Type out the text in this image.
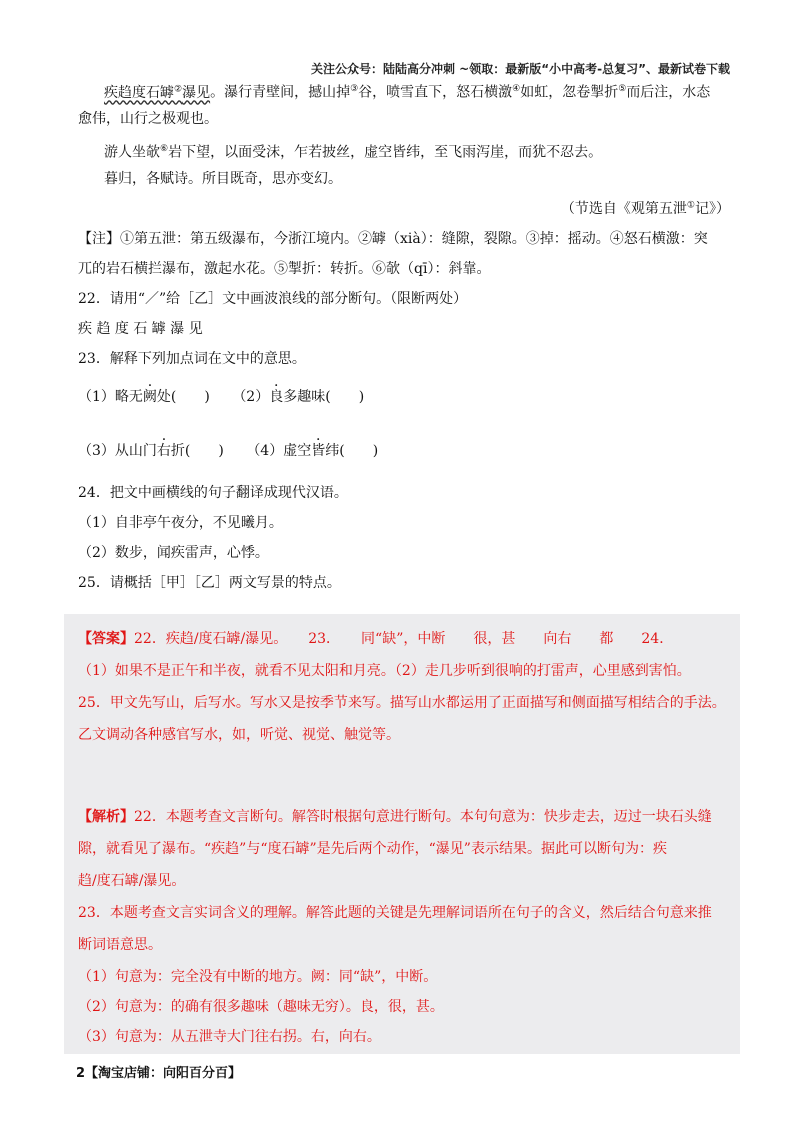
关注公众号：陆陆高分冲刺 ~领取：最新版“小中高考-总复习”、最新试卷下载
疾趋度石罅②瀑见。瀑行青壁间，撼山掉③谷，喷雪直下，怒石横激④如虹，忽卷掣折⑤而后注，水态
愈伟，山行之极观也。
游人坐欹⑥岩下望，以面受沫，乍若披丝，虚空皆纬，至飞雨泻崖，而犹不忍去。
暮归，各赋诗。所目既奇，思亦变幻。
（节选自《观第五泄①记》）
【注】①第五泄：第五级瀑布，今浙江境内。②罅（xià）：缝隙，裂隙。③掉：摇动。④怒石横激：突
兀的岩石横拦瀑布，激起水花。⑤掣折：转折。⑥欹（qī）：斜靠。
22．请用“／”给［乙］文中画波浪线的部分断句。（限断两处）
疾 趋 度 石 罅 瀑 见
23．解释下列加点词在文中的意思。
（1）略无阙处(　　) （2）良多趣味(　　)
（3）从山门右折(　　) （4）虚空皆纬(　　)
24．把文中画横线的句子翻译成现代汉语。
（1）自非亭午夜分，不见曦月。
（2）数步，闻疾雷声，心悸。
25．请概括［甲］［乙］两文写景的特点。
【答案】22．疾趋/度石罅/瀑见。　　23．　　同“缺”，中断　　很，甚　　向右　　都　　24．
（1）如果不是正午和半夜，就看不见太阳和月亮。（2）走几步听到很响的打雷声，心里感到害怕。
25．甲文先写山，后写水。写水又是按季节来写。描写山水都运用了正面描写和侧面描写相结合的手法。
乙文调动各种感官写水，如，听觉、视觉、触觉等。
【解析】22．本题考查文言断句。解答时根据句意进行断句。本句句意为：快步走去，迈过一块石头缝
隙，就看见了瀑布。“疾趋”与“度石罅”是先后两个动作，“瀑见”表示结果。据此可以断句为：疾
趋/度石罅/瀑见。
23．本题考查文言实词含义的理解。解答此题的关键是先理解词语所在句子的含义，然后结合句意来推
断词语意思。
（1）句意为：完全没有中断的地方。阙：同“缺”，中断。
（2）句意为：的确有很多趣味（趣味无穷）。良，很，甚。
（3）句意为：从五泄寺大门往右拐。右，向右。
2【淘宝店铺：向阳百分百】
